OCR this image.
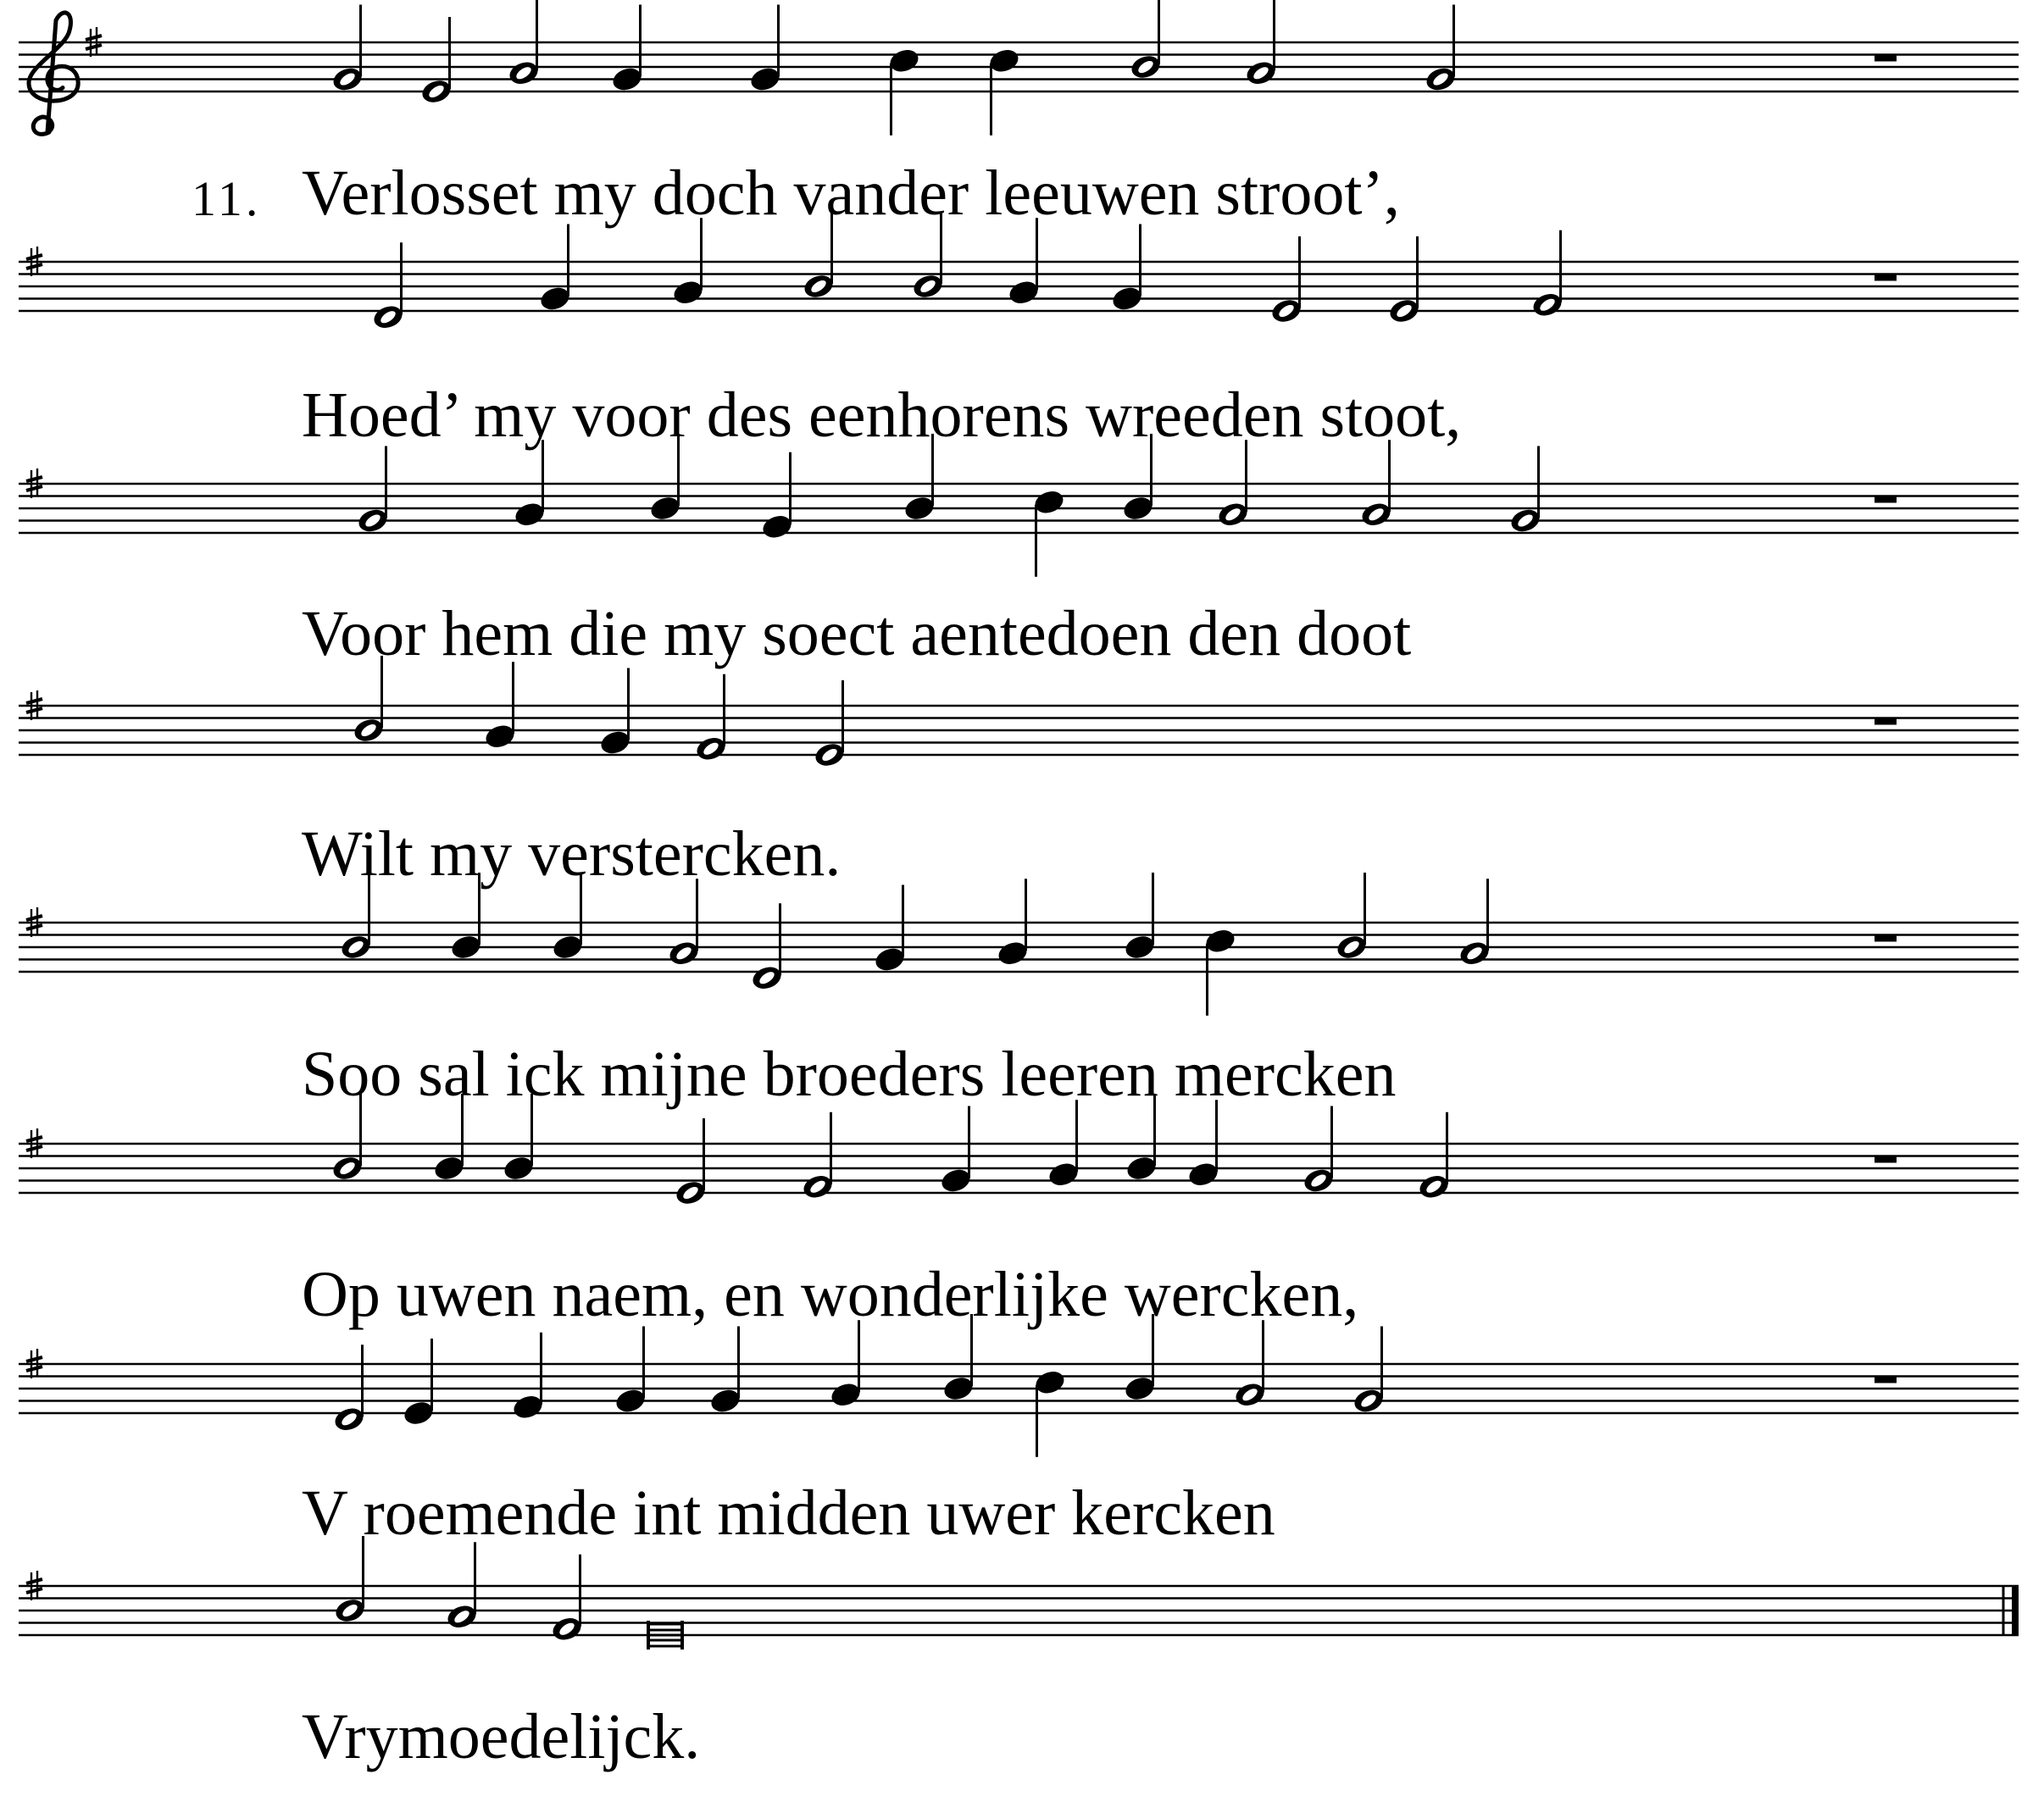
Verlosset my doch vander leeuwen stroot’,
Hoed’ my voor des eenhorens wreeden stoot,
Voor hem die my soect aentedoen den doot
Wilt my verstercken.
Soo sal ick mijne broeders leeren mercken
Op uwen naem, en wonderlijke wercken,
V roemende int midden uwer kercken
Vrymoedelijck.
11.
